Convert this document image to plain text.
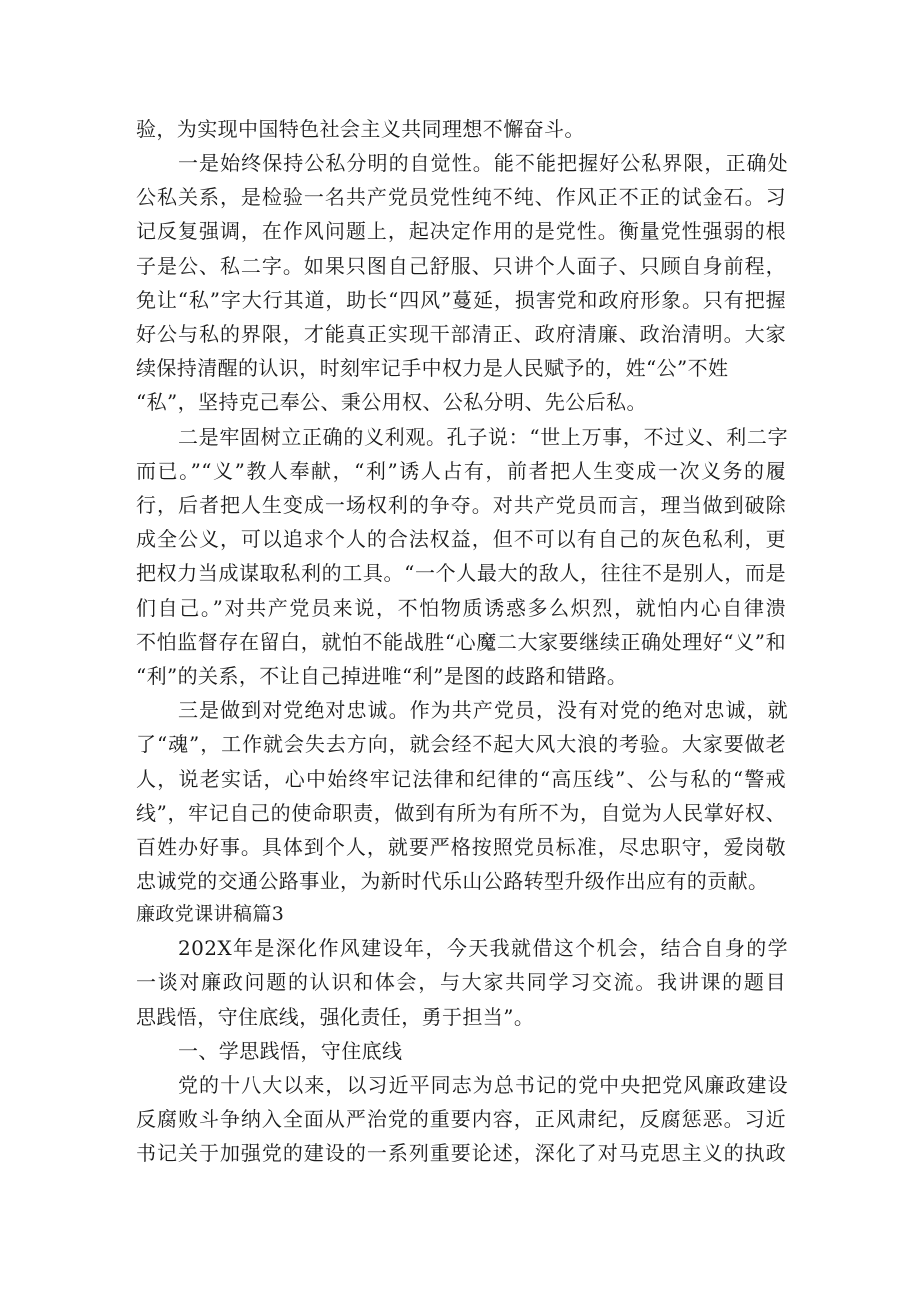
验，为实现中国特色社会主义共同理想不懈奋斗。
一是始终保持公私分明的自觉性。能不能把握好公私界限，正确处
公私关系，是检验一名共产党员党性纯不纯、作风正不正的试金石。习
记反复强调，在作风问题上，起决定作用的是党性。衡量党性强弱的根
子是公、私二字。如果只图自己舒服、只讲个人面子、只顾自身前程，
免让“私”字大行其道，助长“四风”蔓延，损害党和政府形象。只有把握
好公与私的界限，才能真正实现干部清正、政府清廉、政治清明。大家
续保持清醒的认识，时刻牢记手中权力是人民赋予的，姓“公”不姓
“私”，坚持克己奉公、秉公用权、公私分明、先公后私。
二是牢固树立正确的义利观。孔子说：“世上万事，不过义、利二字
而已。”“义”教人奉献，“利”诱人占有，前者把人生变成一次义务的履
行，后者把人生变成一场权利的争夺。对共产党员而言，理当做到破除
成全公义，可以追求个人的合法权益，但不可以有自己的灰色私利，更
把权力当成谋取私利的工具。“一个人最大的敌人，往往不是别人，而是
们自己。”对共产党员来说，不怕物质诱惑多么炽烈，就怕内心自律溃
不怕监督存在留白，就怕不能战胜“心魔二大家要继续正确处理好“义”和
“利”的关系，不让自己掉进唯“利”是图的歧路和错路。
三是做到对党绝对忠诚。作为共产党员，没有对党的绝对忠诚，就
了“魂”，工作就会失去方向，就会经不起大风大浪的考验。大家要做老
人，说老实话，心中始终牢记法律和纪律的“高压线”、公与私的“警戒
线”，牢记自己的使命职责，做到有所为有所不为，自觉为人民掌好权、
百姓办好事。具体到个人，就要严格按照党员标准，尽忠职守，爱岗敬
忠诚党的交通公路事业，为新时代乐山公路转型升级作出应有的贡献。
廉政党课讲稿篇3
202X年是深化作风建设年，今天我就借这个机会，结合自身的学
一谈对廉政问题的认识和体会，与大家共同学习交流。我讲课的题目
思践悟，守住底线，强化责任，勇于担当”。
一、学思践悟，守住底线
党的十八大以来，以习近平同志为总书记的党中央把党风廉政建设
反腐败斗争纳入全面从严治党的重要内容，正风肃纪，反腐惩恶。习近
书记关于加强党的建设的一系列重要论述，深化了对马克思主义的执政
